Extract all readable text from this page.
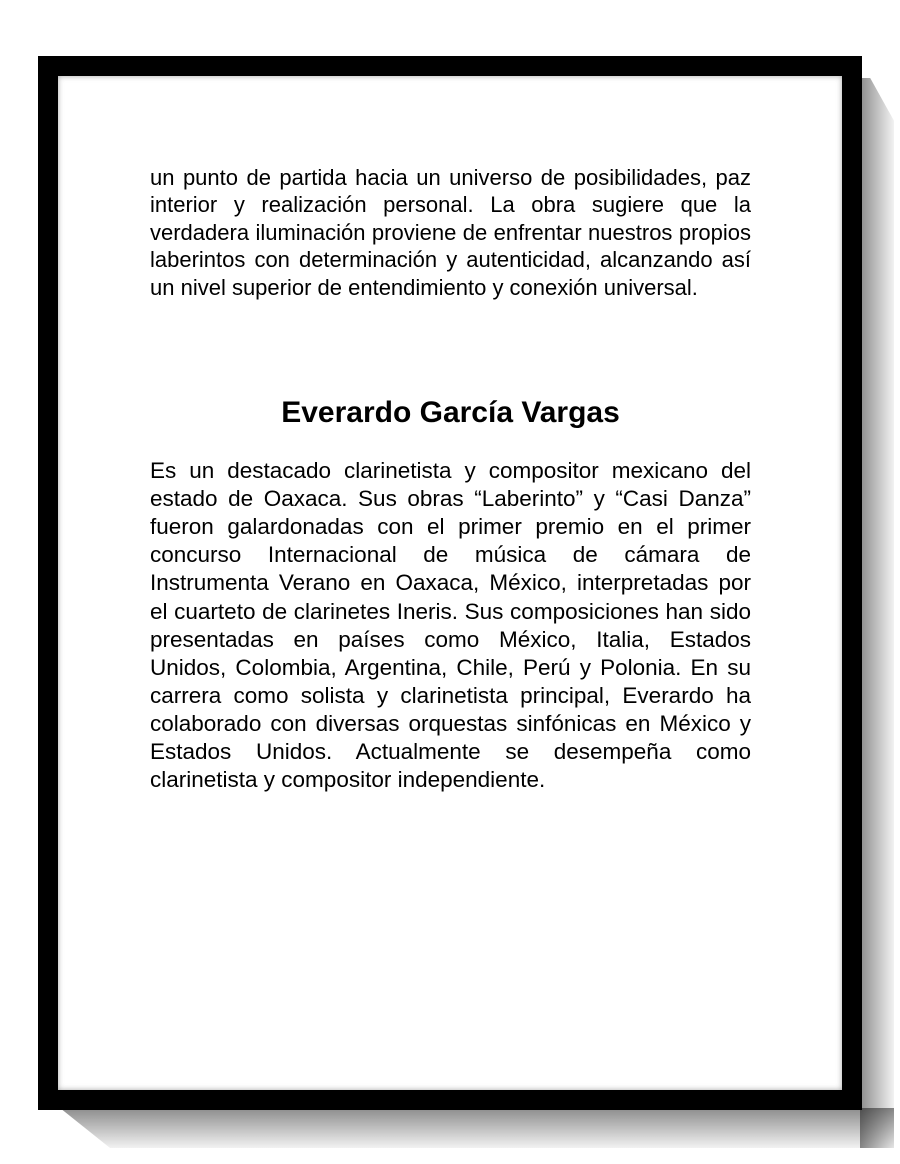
un punto de partida hacia un universo de posibilidades, paz interior y realización personal. La obra sugiere que la verdadera iluminación proviene de enfrentar nuestros propios laberintos con determinación y autenticidad, alcanzando así un nivel superior de entendimiento y conexión universal.

Everardo García Vargas

Es un destacado clarinetista y compositor mexicano del estado de Oaxaca. Sus obras “Laberinto” y “Casi Danza” fueron galardonadas con el primer premio en el primer concurso Internacional de música de cámara de Instrumenta Verano en Oaxaca, México, interpretadas por el cuarteto de clarinetes Ineris. Sus composiciones han sido presentadas en países como México, Italia, Estados Unidos, Colombia, Argentina, Chile, Perú y Polonia. En su carrera como solista y clarinetista principal, Everardo ha colaborado con diversas orquestas sinfónicas en México y Estados Unidos. Actualmente se desempeña como clarinetista y compositor independiente.
